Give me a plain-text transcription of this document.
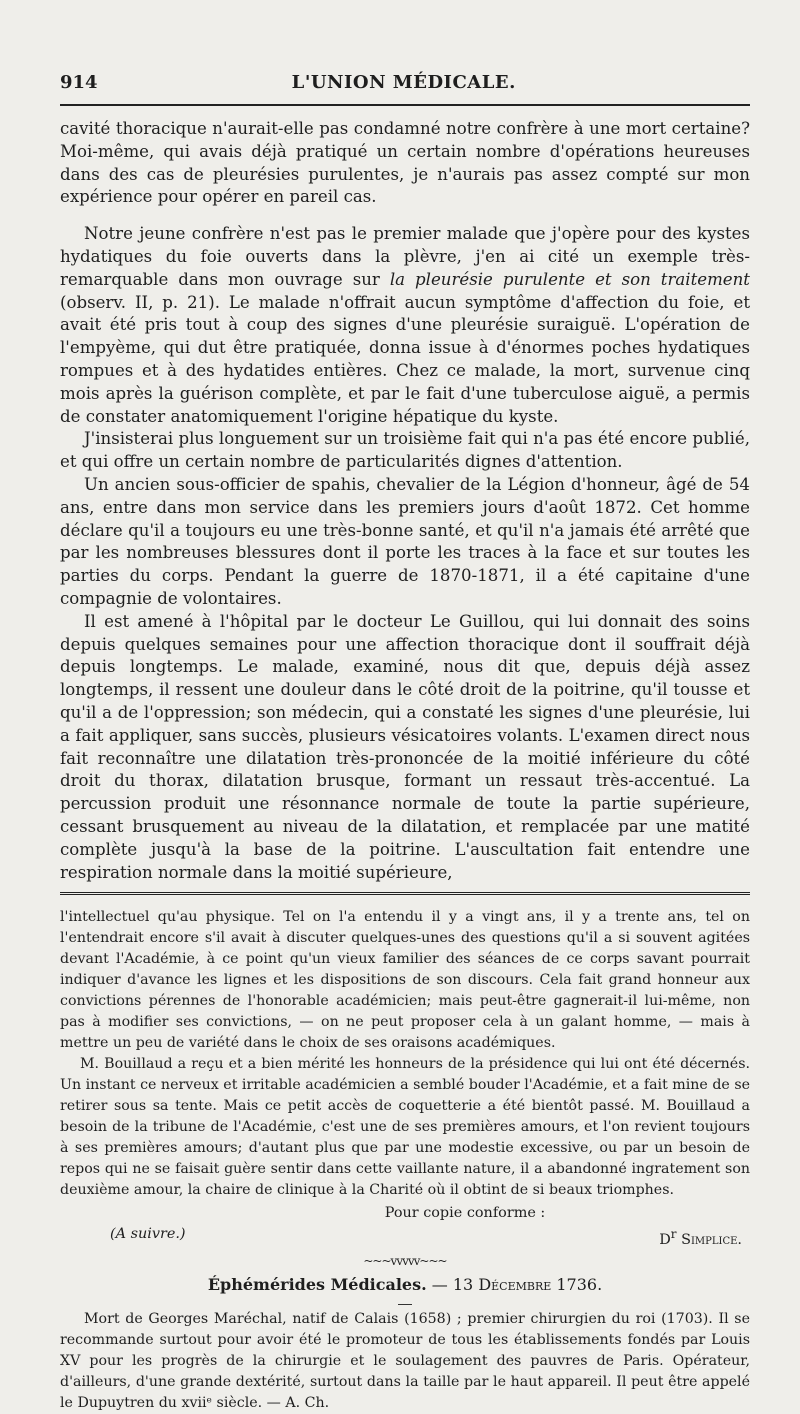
914	L'UNION MÉDICALE.

cavité thoracique n'aurait-elle pas condamné notre confrère à une mort certaine? Moi-même, qui avais déjà pratiqué un certain nombre d'opérations heureuses dans des cas de pleurésies purulentes, je n'aurais pas assez compté sur mon expérience pour opérer en pareil cas.

Notre jeune confrère n'est pas le premier malade que j'opère pour des kystes hydatiques du foie ouverts dans la plèvre, j'en ai cité un exemple très-remarquable dans mon ouvrage sur la pleurésie purulente et son traitement (observ. II, p. 21). Le malade n'offrait aucun symptôme d'affection du foie, et avait été pris tout à coup des signes d'une pleurésie suraiguë. L'opération de l'empyème, qui dut être pratiquée, donna issue à d'énormes poches hydatiques rompues et à des hydatides entières. Chez ce malade, la mort, survenue cinq mois après la guérison complète, et par le fait d'une tuberculose aiguë, a permis de constater anatomiquement l'origine hépatique du kyste.

J'insisterai plus longuement sur un troisième fait qui n'a pas été encore publié, et qui offre un certain nombre de particularités dignes d'attention.

Un ancien sous-officier de spahis, chevalier de la Légion d'honneur, âgé de 54 ans, entre dans mon service dans les premiers jours d'août 1872. Cet homme déclare qu'il a toujours eu une très-bonne santé, et qu'il n'a jamais été arrêté que par les nombreuses blessures dont il porte les traces à la face et sur toutes les parties du corps. Pendant la guerre de 1870-1871, il a été capitaine d'une compagnie de volontaires.

Il est amené à l'hôpital par le docteur Le Guillou, qui lui donnait des soins depuis quelques semaines pour une affection thoracique dont il souffrait déjà depuis longtemps. Le malade, examiné, nous dit que, depuis déjà assez longtemps, il ressent une douleur dans le côté droit de la poitrine, qu'il tousse et qu'il a de l'oppression; son médecin, qui a constaté les signes d'une pleurésie, lui a fait appliquer, sans succès, plusieurs vésicatoires volants. L'examen direct nous fait reconnaître une dilatation très-prononcée de la moitié inférieure du côté droit du thorax, dilatation brusque, formant un ressaut très-accentué. La percussion produit une résonnance normale de toute la partie supérieure, cessant brusquement au niveau de la dilatation, et remplacée par une matité complète jusqu'à la base de la poitrine. L'auscultation fait entendre une respiration normale dans la moitié supérieure,

l'intellectuel qu'au physique. Tel on l'a entendu il y a vingt ans, il y a trente ans, tel on l'entendrait encore s'il avait à discuter quelques-unes des questions qu'il a si souvent agitées devant l'Académie, à ce point qu'un vieux familier des séances de ce corps savant pourrait indiquer d'avance les lignes et les dispositions de son discours. Cela fait grand honneur aux convictions pérennes de l'honorable académicien; mais peut-être gagnerait-il lui-même, non pas à modifier ses convictions, — on ne peut proposer cela à un galant homme, — mais à mettre un peu de variété dans le choix de ses oraisons académiques.

M. Bouillaud a reçu et a bien mérité les honneurs de la présidence qui lui ont été décernés. Un instant ce nerveux et irritable académicien a semblé bouder l'Académie, et a fait mine de se retirer sous sa tente. Mais ce petit accès de coquetterie a été bientôt passé. M. Bouillaud a besoin de la tribune de l'Académie, c'est une de ses premières amours, et l'on revient toujours à ses premières amours; d'autant plus que par une modestie excessive, ou par un besoin de repos qui ne se faisait guère sentir dans cette vaillante nature, il a abandonné ingratement son deuxième amour, la chaire de clinique à la Charité où il obtint de si beaux triomphes.

Pour copie conforme :
(A suivre.)	$D^r$ Simplice.
~~~vvvvv~~~
Éphémérides Médicales. — 13 Décembre 1736.

Mort de Georges Maréchal, natif de Calais (1658) ; premier chirurgien du roi (1703). Il se recommande surtout pour avoir été le promoteur de tous les établissements fondés par Louis XV pour les progrès de la chirurgie et le soulagement des pauvres de Paris. Opérateur, d'ailleurs, d'une grande dextérité, surtout dans la taille par le haut appareil. Il peut être appelé le Dupuytren du xviiᵉ siècle. — A. Ch.
